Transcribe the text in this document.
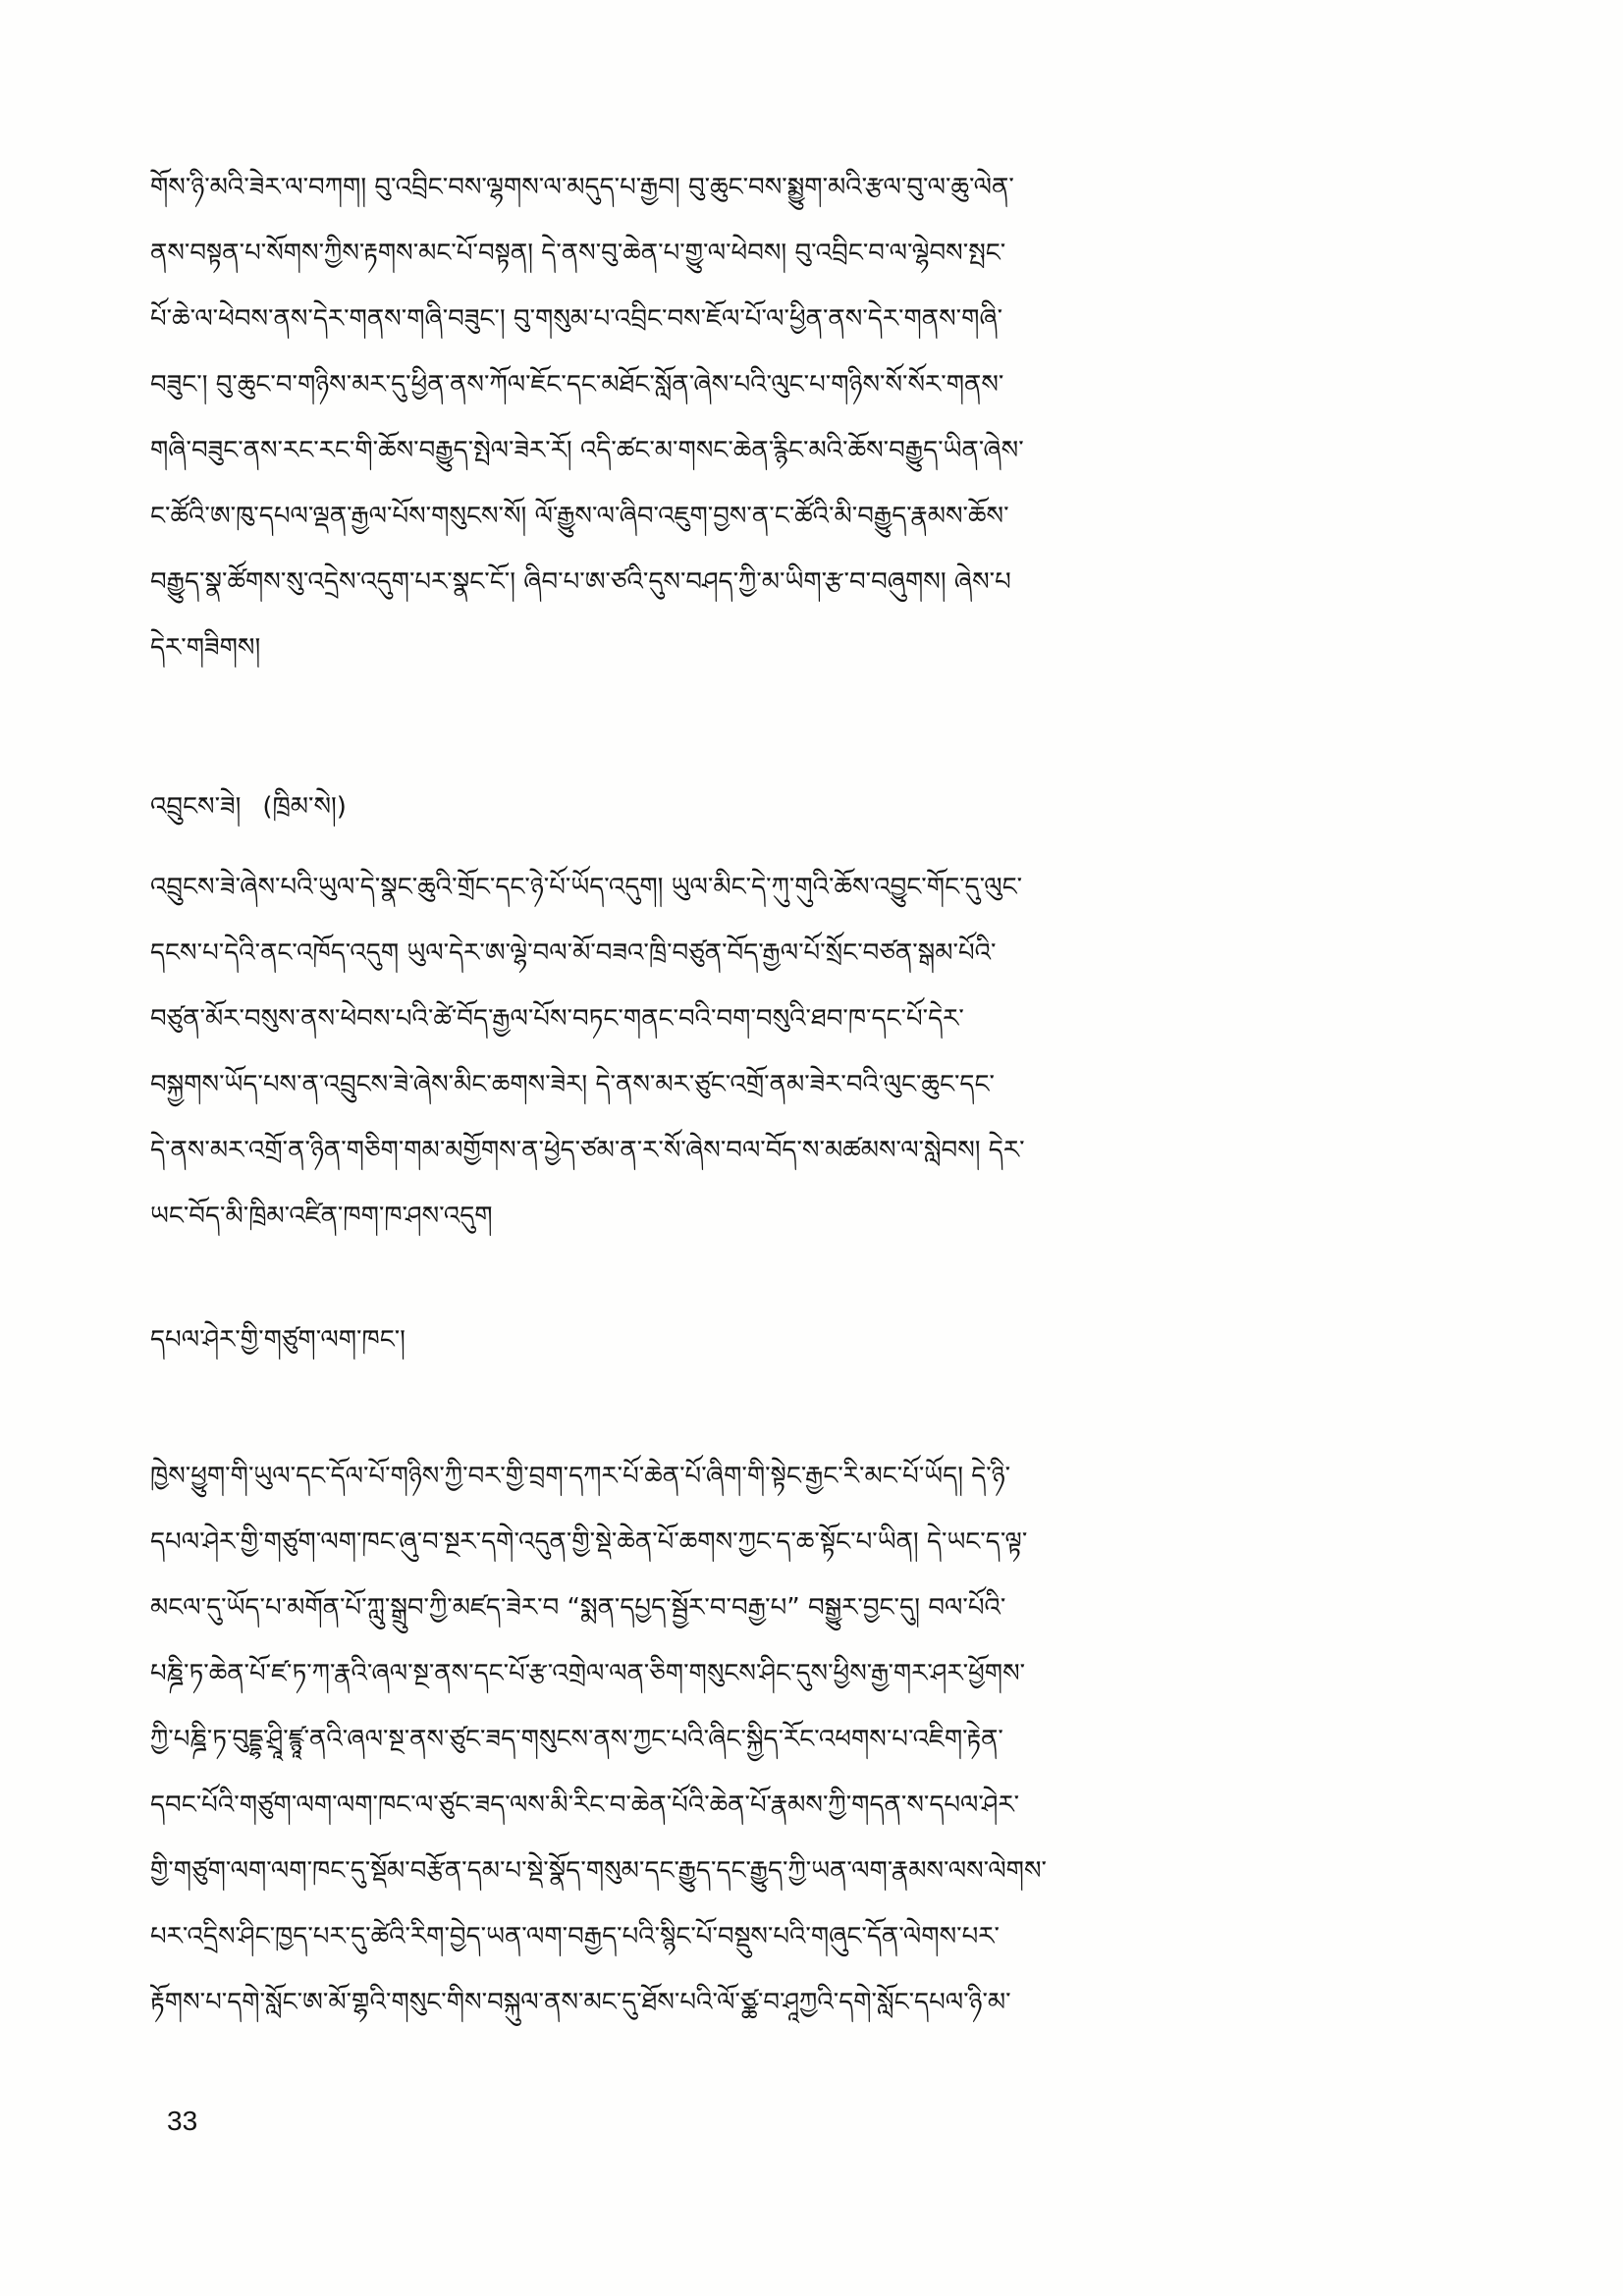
གོས་ཉི་མའི་ཟེར་ལ་བཀག། བུ་འབྲིང་བས་ལྷགས་ལ་མདུད་པ་རྒྱབ། བུ་ཆུང་བས་སྨྱུག་མའི་རྩལ་བུ་ལ་ཆུ་ལེན་
ནས་བསྟན་པ་སོགས་ཀྱིས་རྟགས་མང་པོ་བསྟན། དེ་ནས་བུ་ཆེན་པ་གྱུ་ལ་ཕེབས། བུ་འབྲིང་བ་ལ་ལྷེབས་སྤང་
པོ་ཆེ་ལ་ཕེབས་ནས་དེར་གནས་གཞི་བཟུང་། བུ་གསུམ་པ་འབྲིང་བས་ཇོལ་པོ་ལ་ཕྱིན་ནས་དེར་གནས་གཞི་
བཟུང་། བུ་ཆུང་བ་གཉིས་མར་དུ་ཕྱིན་ནས་ཀོལ་ཇོང་དང་མཐོང་སློན་ཞེས་པའི་ལུང་པ་གཉིས་སོ་སོར་གནས་
གཞི་བཟུང་ནས་རང་རང་གི་ཆོས་བརྒྱུད་སྤེལ་ཟེར་རོ། འདི་ཚང་མ་གསང་ཆེན་རྙིང་མའི་ཆོས་བརྒྱུད་ཡིན་ཞེས་
ང་ཚོའི་ཨ་ཁུ་དཔལ་ལྡན་རྒྱལ་པོས་གསུངས་སོ། ལོ་རྒྱུས་ལ་ཞིབ་འཇུག་བྱས་ན་ང་ཚོའི་མི་བརྒྱུད་རྣམས་ཆོས་
བརྒྱུད་སྣ་ཚོགས་སུ་འདྲེས་འདུག་པར་སྣང་ངོ་། ཞིབ་པ་ཨ་ཙའི་དུས་བཤད་ཀྱི་མ་ཡིག་རྩ་བ་བཞུགས། ཞེས་པ
དེར་གཟིགས།
འབྲུངས་ཟེ། (ཁྲིམ་སེ།)
འབྲུངས་ཟེ་ཞེས་པའི་ཡུལ་དེ་སྣང་ཆུའི་གྲོང་དང་ཉེ་པོ་ཡོད་འདུག། ཡུལ་མིང་དེ་ཀུ་གུའི་ཆོས་འབྱུང་གོང་དུ་ལུང་
དངས་པ་དེའི་ནང་འཁོད་འདུག ཡུལ་དེར་ཨ་ལྷེ་བལ་མོ་བཟའ་ཁྲི་བཙུན་བོད་རྒྱལ་པོ་སྲོང་བཙན་སྒམ་པོའི་
བཙུན་མོར་བསུས་ནས་ཕེབས་པའི་ཚེ་བོད་རྒྱལ་པོས་བཏང་གནང་བའི་བག་བསུའི་ཐབ་ཁ་དང་པོ་དེར་
བསྐྱགས་ཡོད་པས་ན་འབྲུངས་ཟེ་ཞེས་མིང་ཆགས་ཟེར། དེ་ནས་མར་ཙུང་འགྲོ་ནམ་ཟེར་བའི་ལུང་ཆུང་དང་
དེ་ནས་མར་འགྲོ་ན་ཉིན་གཅིག་གམ་མགྱོགས་ན་ཕྱེད་ཙམ་ན་ར་སོ་ཞེས་བལ་བོད་ས་མཚམས་ལ་སླེབས། དེར་
ཡང་བོད་མི་ཁྲིམ་འཛིན་ཁག་ཁ་ཤས་འདུག
དཔལ་ཤེར་གྱི་གཙུག་ལག་ཁང་།
ཁྱེས་ཕྱུག་གི་ཡུལ་དང་དོལ་པོ་གཉིས་ཀྱི་བར་གྱི་བྲག་དཀར་པོ་ཆེན་པོ་ཞིག་གི་སྟེང་རྒྱང་རི་མང་པོ་ཡོད། དེ་ཉི་
དཔལ་ཤེར་གྱི་གཙུག་ལག་ཁང་ཞུ་བ་སྔར་དགེ་འདུན་གྱི་སྡེ་ཆེན་པོ་ཆགས་ཀྱང་ད་ཆ་སྟོང་པ་ཡིན། དེ་ཡང་ད་ལྟ་
མངལ་དུ་ཡོད་པ་མགོན་པོ་ཀླུ་སྒྲུབ་ཀྱི་མཛད་ཟེར་བ “སྨན་དཔྱད་སྦྱོར་བ་བརྒྱ་པ” བསྒྱུར་བྱང་དུ། བལ་པོའི་
པཎྜི་ཏ་ཆེན་པོ་ཛ་ཏ་ཀ་རྣའི་ཞལ་སྔ་ནས་དང་པོ་རྩ་འགྲེལ་ལན་ཅིག་གསུངས་ཤིང་དུས་ཕྱིས་རྒྱ་གར་ཤར་ཕྱོགས་
ཀྱི་པཎྜི་ཏ་བུདྡྷ་ཤྲཱི་ཛྙཱ་ནའི་ཞལ་སྔ་ནས་ཙུང་ཟད་གསུངས་ནས་ཀྱང་པའི་ཞིང་སྐྱིད་རོང་འཕགས་པ་འཇིག་རྟེན་
དབང་པོའི་གཙུག་ལག་ལག་ཁང་ལ་ཙུང་ཟད་ལས་མི་རིང་བ་ཆེན་པོའི་ཆེན་པོ་རྣམས་ཀྱི་གདན་ས་དཔལ་ཤེར་
གྱི་གཙུག་ལག་ལག་ཁང་དུ་སྡོམ་བརྩོན་དམ་པ་སྡེ་སྣོད་གསུམ་དང་རྒྱུད་དང་རྒྱུད་ཀྱི་ཡན་ལག་རྣམས་ལས་ལེགས་
པར་འདྲིས་ཤིང་ཁྱད་པར་དུ་ཚེའི་རིག་བྱེད་ཡན་ལག་བརྒྱད་པའི་སྙིང་པོ་བསྡུས་པའི་གཞུང་དོན་ལེགས་པར་
རྟོགས་པ་དགེ་སློང་ཨ་མོ་གྷའི་གསུང་གིས་བསྐུལ་ནས་མང་དུ་ཐོས་པའི་ལོ་ཙྪ་བ་ཤཱཀྱའི་དགེ་སློང་དཔལ་ཉི་མ་
33
